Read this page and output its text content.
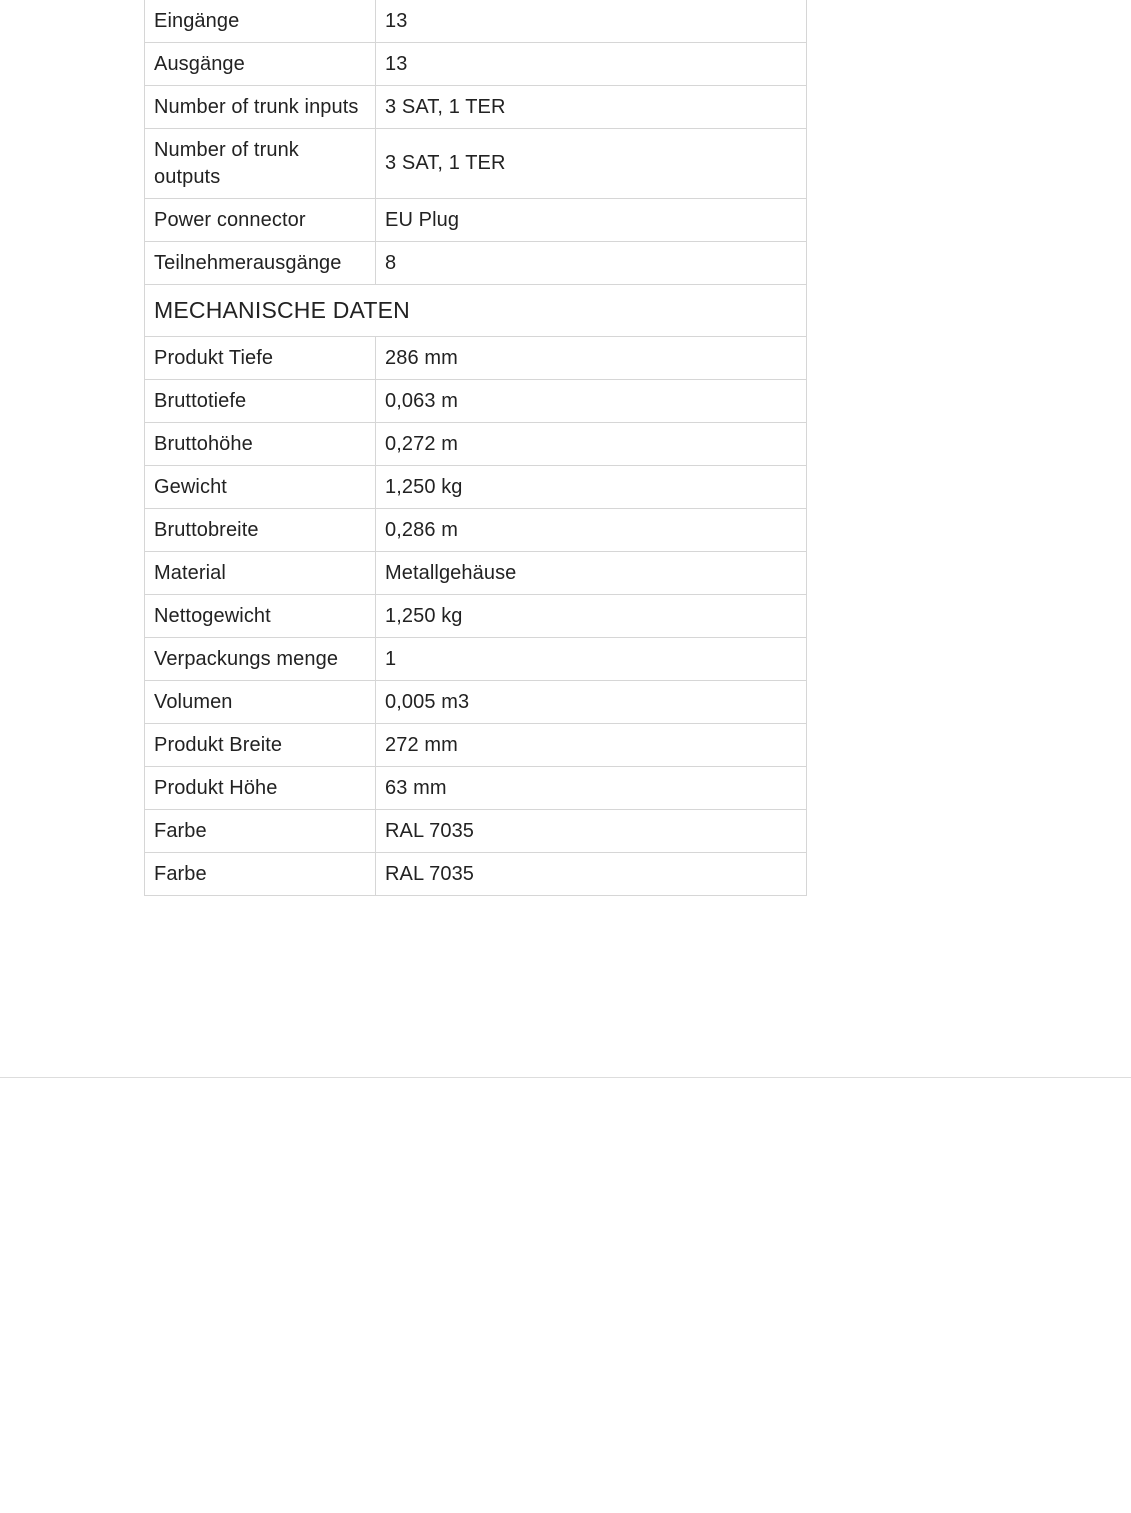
Eingänge	13
Ausgänge	13
Number of trunk inputs	3 SAT, 1 TER
Number of trunk outputs	3 SAT, 1 TER
Power connector	EU Plug
Teilnehmerausgänge	8
MECHANISCHE DATEN	
Produkt Tiefe	286 mm
Bruttotiefe	0,063 m
Bruttohöhe	0,272 m
Gewicht	1,250 kg
Bruttobreite	0,286 m
Material	Metallgehäuse
Nettogewicht	1,250 kg
Verpackungs menge	1
Volumen	0,005 m3
Produkt Breite	272 mm
Produkt Höhe	63 mm
Farbe	RAL 7035
Farbe	RAL 7035
